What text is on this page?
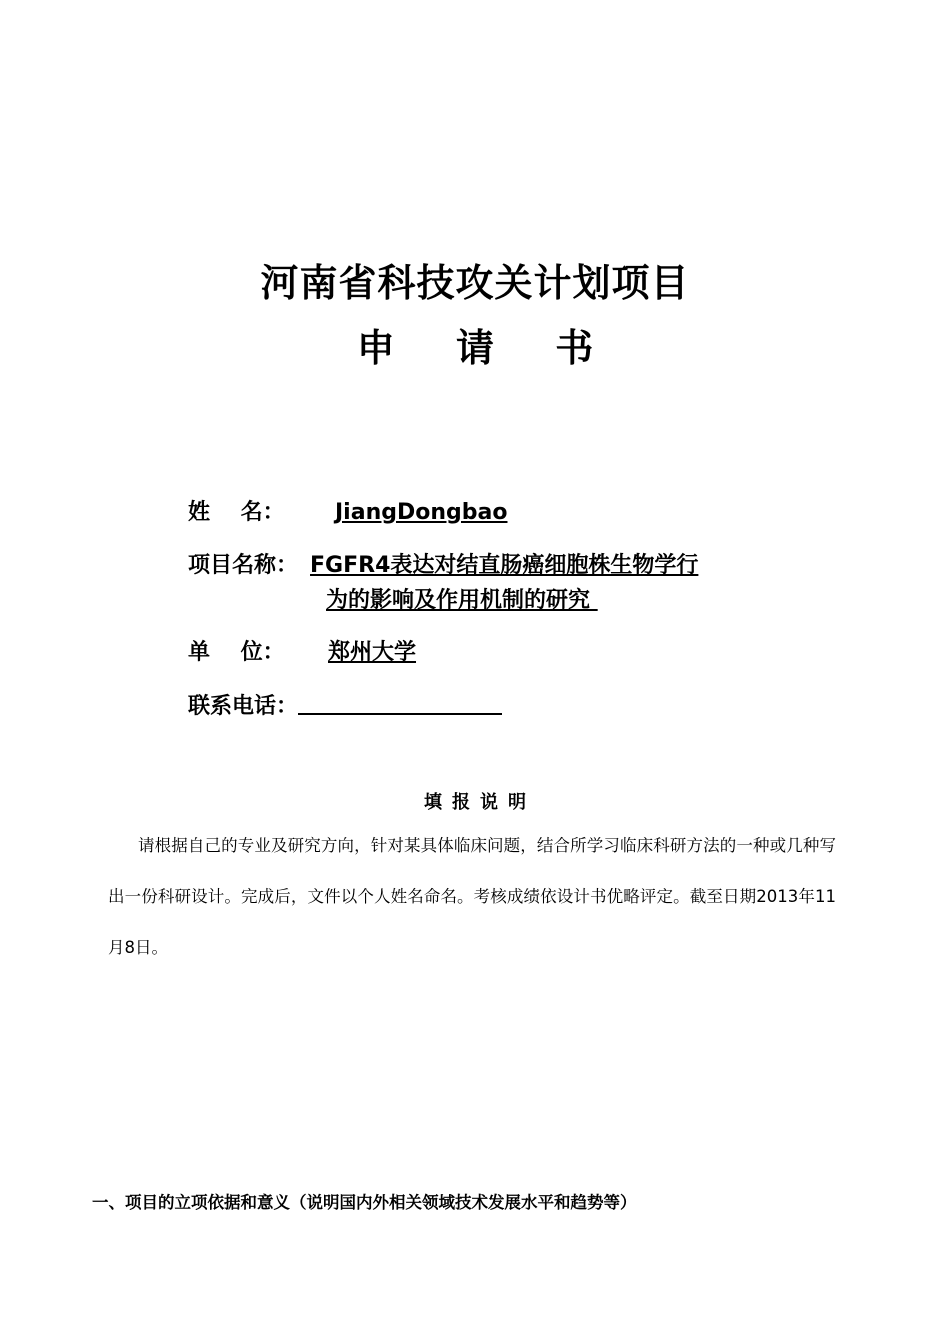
河南省科技攻关计划项目
申 请 书
姓    名： JiangDongbao
项目名称： FGFR4表达对结直肠癌细胞株生物学行
为的影响及作用机制的研究
单    位： 郑州大学
联系电话：
填报说明

请根据自己的专业及研究方向，针对某具体临床问题，结合所学习临床科研方法的一种或几种写出一份科研设计。完成后，文件以个人姓名命名。考核成绩依设计书优略评定。截至日期2013年11月8日。

一、项目的立项依据和意义（说明国内外相关领域技术发展水平和趋势等）
